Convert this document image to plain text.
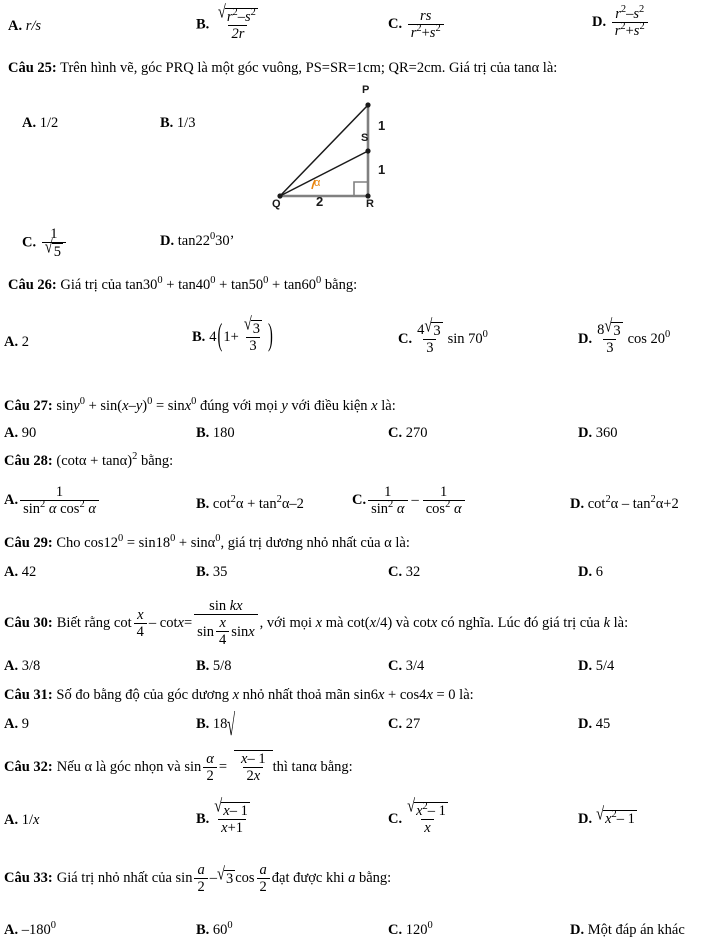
A. r/s	B. $\frac{√ r^2-s^2}{2r}$	C. $\frac{rs}{r^2+s^2}$	D. $\frac{r^2-s^2}{r^2+s^2}$
Câu 25: Trên hình vẽ, góc PRQ là một góc vuông, PS=SR=1cm; QR=2cm. Giá trị của tanα là:
A. 1/2	B. 1/3
P
S
Q	R
1
1
2
α
C. $\frac{1}{√ 5}$	D. $\tan 22^030$’
Câu 26: Giá trị của $\tan 30^0 + \tan 40^0 + \tan 50^0 + \tan 60^0$ bằng:
A. 2	B. 4 ( $1+ \frac{√ 3}{3}$ )	C. $\frac{4 √ 3}{3}$ $\sin 70^0$	D. $\frac{8 √ 3}{3}$ $\cos 20^0$
Câu 27: $\sin y^0 + \sin(x-y)^0 = \sin x^0$ đúng với mọi y với điều kiện x là:
A. 90	B. 180	C. 270	D. 360
Câu 28: $(\cot\alpha + \tan\alpha)^2$ bằng:
A. $\frac{1}{\sin^2 \alpha \cos^2 \alpha}$	B. $\cot^2\alpha + \tan^2\alpha-2$	C. $\frac{1}{\sin^2 \alpha} - \frac{1}{\cos^2 \alpha}$	D. $\cot^2\alpha - \tan^2\alpha+2$
Câu 29: Cho $\cos 12^0 = \sin 18^0 + \sin\alpha^0$, giá trị dương nhỏ nhất của α là:
A. 42	B. 35	C. 32	D. 6
Câu 30: Biết rằng $\cot \frac{x}{4}$ – cot x =
sin kx
$\sin \frac{x}{4}$ sin x
, với mọi x mà cot(x/4) và cotx có nghĩa. Lúc đó giá trị của k là:
A. 3/8	B. 5/8	C. 3/4	D. 5/4
Câu 31: Số đo bằng độ của góc dương x nhỏ nhất thoả mãn sin6x + cos4x = 0 là:
A. 9	B. 18	C. 27	D. 45
Câu 32: Nếu α là góc nhọn và $\sin \frac{\alpha}{2}$ =
√
$\frac{x- 1}{2x}$ thì tanα bằng:
A. 1/x	B. $\frac{√ x- 1}{x+1}$	C. $\frac{√ x^2- 1}{x}$	D. √ $x^2-$ 1
Câu 33: Giá trị nhỏ nhất của $\sin \frac{a}{2}$ – √ 3 $\cos \frac{a}{2}$ đạt được khi a bằng:
A. $-180^0$	B. $60^0$	C. $120^0$	D. Một đáp án khác
